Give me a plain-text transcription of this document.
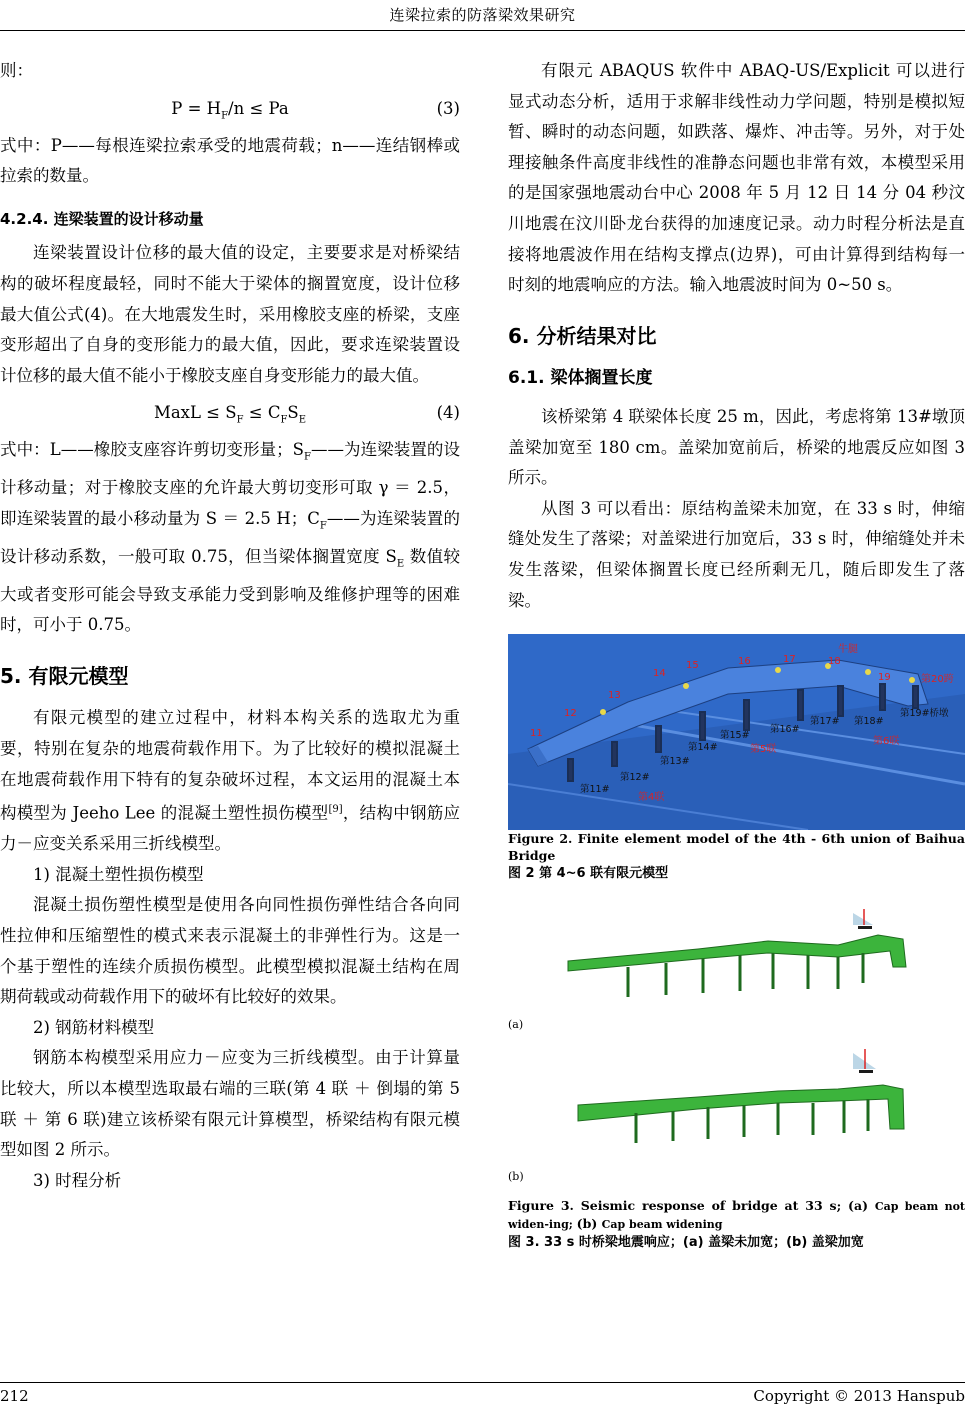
连梁拉索的防落梁效果研究

则：

$P = H_F/n \le Pa$	(3)

式中：P——每根连梁拉索承受的地震荷载；n——连结钢棒或拉索的数量。

4.2.4. 连梁装置的设计移动量

连梁装置设计位移的最大值的设定，主要要求是对桥梁结构的破坏程度最轻，同时不能大于梁体的搁置宽度，设计位移最大值公式(4)。在大地震发生时，采用橡胶支座的桥梁，支座变形超出了自身的变形能力的最大值，因此，要求连梁装置设计位移的最大值不能小于橡胶支座自身变形能力的最大值。

MaxL ≤ $S_F \le C_FS_E$	(4)

式中：L——橡胶支座容许剪切变形量；$S_F——$为连梁装置的设计移动量；对于橡胶支座的允许最大剪切变形可取 γ ＝ 2.5，即连梁装置的最小移动量为 S ＝ 2.5 H；$C_F——$为连梁装置的设计移动系数，一般可取 0.75，但当梁体搁置宽度 $S_E$ 数值较大或者变形可能会导致支承能力受到影响及维修护理等的困难时，可小于 0.75。

5. 有限元模型

有限元模型的建立过程中，材料本构关系的选取尤为重要，特别在复杂的地震荷载作用下。为了比较好的模拟混凝土在地震荷载作用下特有的复杂破坏过程，本文运用的混凝土本构模型为 Jeeho Lee 的混凝土塑性损伤模型[9]，结构中钢筋应力－应变关系采用三折线模型。

1) 混凝土塑性损伤模型

混凝土损伤塑性模型是使用各向同性损伤弹性结合各向同性拉伸和压缩塑性的模式来表示混凝土的非弹性行为。这是一个基于塑性的连续介质损伤模型。此模型模拟混凝土结构在周期荷载或动荷载作用下的破坏有比较好的效果。

2) 钢筋材料模型

钢筋本构模型采用应力－应变为三折线模型。由于计算量比较大，所以本模型选取最右端的三联(第 4 联 ＋ 倒塌的第 5 联 ＋ 第 6 联)建立该桥梁有限元计算模型，桥梁结构有限元模型如图 2 所示。

3) 时程分析

有限元 ABAQUS 软件中 ABAQ-US/Explicit 可以进行显式动态分析，适用于求解非线性动力学问题，特别是模拟短暂、瞬时的动态问题，如跌落、爆炸、冲击等。另外，对于处理接触条件高度非线性的准静态问题也非常有效，本模型采用的是国家强地震动台中心 2008 年 5 月 12 日 14 分 04 秒汶川地震在汶川卧龙台获得的加速度记录。动力时程分析法是直接将地震波作用在结构支撑点(边界)，可由计算得到结构每一时刻的地震响应的方法。输入地震波时间为 0~50 s。

6. 分析结果对比
6.1. 梁体搁置长度

该桥梁第 4 联梁体长度 25 m，因此，考虑将第 13#墩顶盖梁加宽至 180 cm。盖梁加宽前后，桥梁的地震反应如图 3 所示。

从图 3 可以看出：原结构盖梁未加宽，在 33 s 时，伸缩缝处发生了落梁；对盖梁进行加宽后，33 s 时，伸缩缝处并未发生落梁，但梁体搁置长度已经所剩无几，随后即发生了落梁。

11
12
13
14
15	16	17	18
19
牛腿
第20跨
第4联
第5联
第6联
第11#
第12#
第13#
第14#
第15#
第16#
第17# 第18#
第19#桥墩

Figure 2. Finite element model of the 4th - 6th union of Baihua Bridge

图 2 第 4~6 联有限元模型

(a)

(b)

Figure 3. Seismic response of bridge at 33 s; (a) Cap beam not widen-ing; (b) Cap beam widening

图 3. 33 s 时桥梁地震响应；(a) 盖梁未加宽；(b) 盖梁加宽

212	Copyright © 2013 Hanspub
